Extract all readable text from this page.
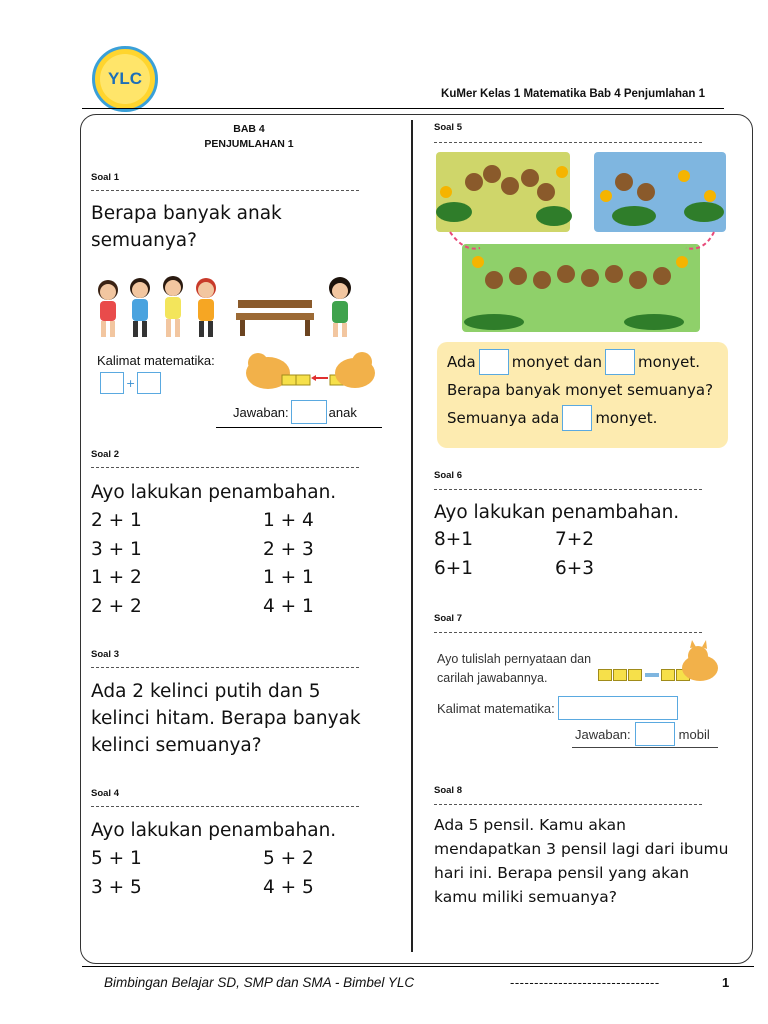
YLC
KuMer Kelas 1 Matematika Bab 4 Penjumlahan 1
BAB 4
PENJUMLAHAN 1
Soal 1
Berapa banyak anak semuanya?
Kalimat matematika:
+
Jawaban:	anak
Soal 2
Ayo lakukan penambahan.
2 + 1	1 + 4
3 + 1	2 + 3
1 + 2	1 + 1
2 + 2	4 + 1
Soal 3
Ada 2 kelinci putih dan 5 kelinci hitam. Berapa banyak kelinci semuanya?
Soal 4
Ayo lakukan penambahan.
5 + 1	5 + 2
3 + 5	4 + 5
Soal 5
Ada monyet dan monyet.
Berapa banyak monyet semuanya?
Semuanya ada monyet.
Soal 6
Ayo lakukan penambahan.
8+1	7+2
6+1	6+3
Soal 7
Ayo tulislah pernyataan dan
carilah jawabannya.
Kalimat matematika:
Jawaban:	mobil
Soal 8
Ada 5 pensil. Kamu akan mendapatkan 3 pensil lagi dari ibumu hari ini. Berapa pensil yang akan kamu miliki semuanya?
Bimbingan Belajar SD, SMP dan SMA - Bimbel YLC	-------------------------------	1
